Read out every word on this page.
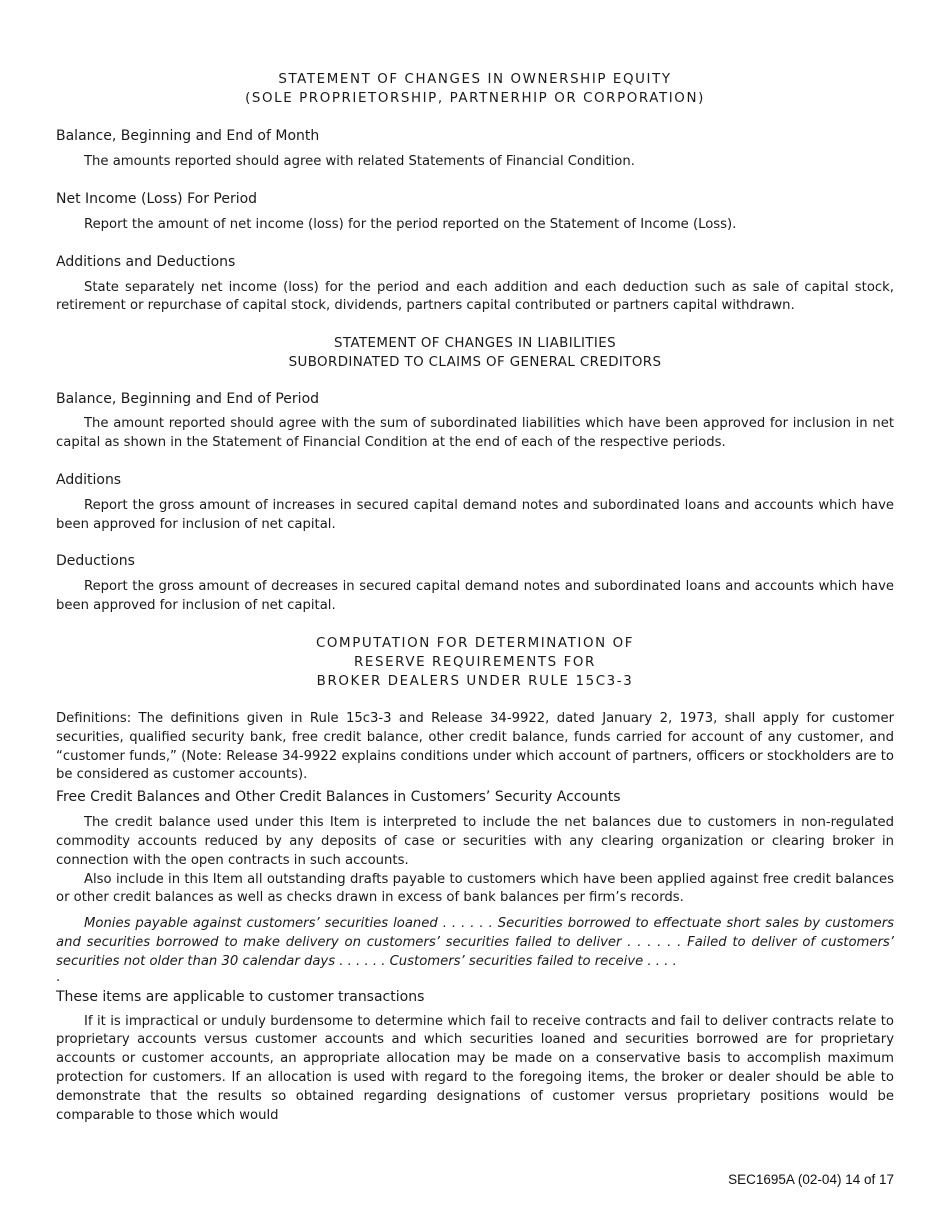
STATEMENT OF CHANGES IN OWNERSHIP EQUITY

(SOLE PROPRIETORSHIP, PARTNERHIP OR CORPORATION)

Balance, Beginning and End of Month

The amounts reported should agree with related Statements of Financial Condition.

Net Income (Loss) For Period

Report the amount of net income (loss) for the period reported on the Statement of Income (Loss).

Additions and Deductions

State separately net income (loss) for the period and each addition and each deduction such as sale of capital stock, retirement or repurchase of capital stock, dividends, partners capital contributed or partners capital withdrawn.

STATEMENT OF CHANGES IN LIABILITIES

SUBORDINATED TO CLAIMS OF GENERAL CREDITORS

Balance, Beginning and End of Period

The amount reported should agree with the sum of subordinated liabilities which have been approved for inclusion in net capital as shown in the Statement of Financial Condition at the end of each of the respective periods.

Additions

Report the gross amount of increases in secured capital demand notes and subordinated loans and accounts which have been approved for inclusion of net capital.

Deductions

Report the gross amount of decreases in secured capital demand notes and subordinated loans and accounts which have been approved for inclusion of net capital.

COMPUTATION FOR DETERMINATION OF

RESERVE REQUIREMENTS FOR

BROKER DEALERS UNDER RULE 15C3-3

Definitions: The definitions given in Rule 15c3-3 and Release 34-9922, dated January 2, 1973, shall apply for customer securities, qualified security bank, free credit balance, other credit balance, funds carried for account of any customer, and “customer funds,” (Note: Release 34-9922 explains conditions under which account of partners, officers or stockholders are to be considered as customer accounts).

Free Credit Balances and Other Credit Balances in Customers’ Security Accounts

The credit balance used under this Item is interpreted to include the net balances due to customers in non-regulated commodity accounts reduced by any deposits of case or securities with any clearing organization or clearing broker in connection with the open contracts in such accounts.

Also include in this Item all outstanding drafts payable to customers which have been applied against free credit balances or other credit balances as well as checks drawn in excess of bank balances per firm’s records.

Monies payable against customers’ securities loaned . . . . . . Securities borrowed to effectuate short sales by customers and securities borrowed to make delivery on customers’ securities failed to deliver . . . . . . Failed to deliver of customers’ securities not older than 30 calendar days . . . . . . Customers’ securities failed to receive . . . .

.

These items are applicable to customer transactions

If it is impractical or unduly burdensome to determine which fail to receive contracts and fail to deliver contracts relate to proprietary accounts versus customer accounts and which securities loaned and securities borrowed are for proprietary accounts or customer accounts, an appropriate allocation may be made on a conservative basis to accomplish maximum protection for customers. If an allocation is used with regard to the foregoing items, the broker or dealer should be able to demonstrate that the results so obtained regarding designations of customer versus proprietary positions would be comparable to those which would

SEC1695A (02-04) 14 of 17
